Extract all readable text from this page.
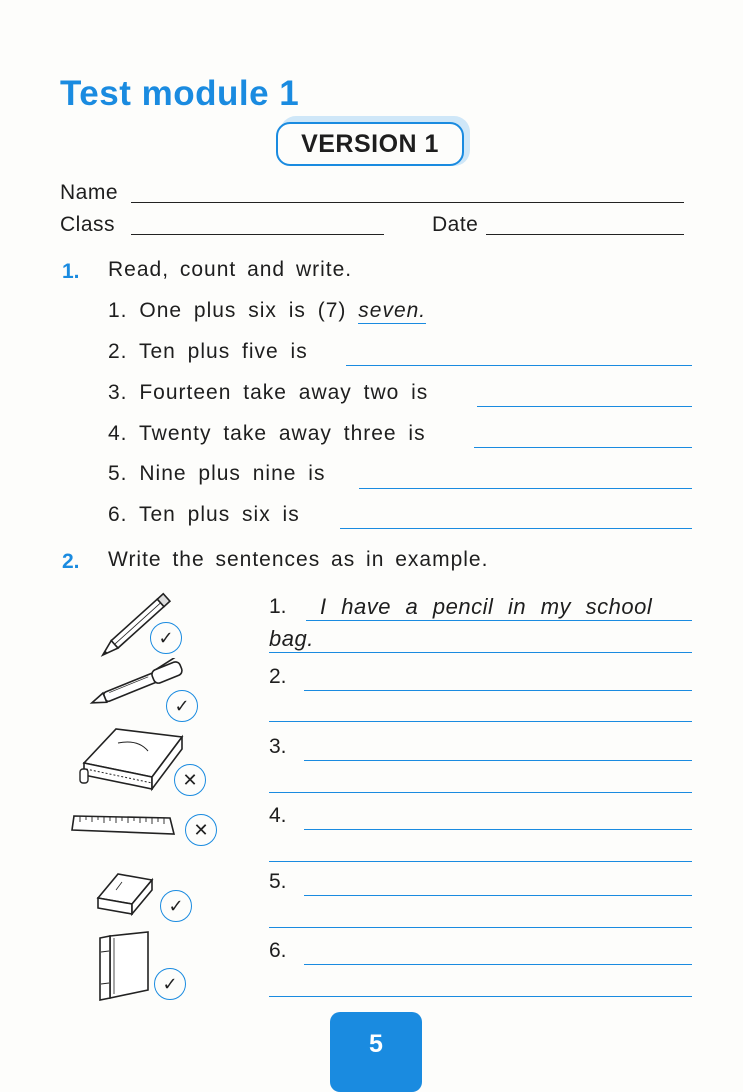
Test module 1
VERSION 1
Name
Class	Date
1. Read, count and write.
1. One plus six is (7) seven.
2. Ten plus five is
3. Fourteen take away two is
4. Twenty take away three is
5. Nine plus nine is
6. Ten plus six is
2. Write the sentences as in example.
✓
✓
✕
✕
✓
✓
1. I have a pencil in my school
bag.
2.
3.
4.
5.
6.
5
